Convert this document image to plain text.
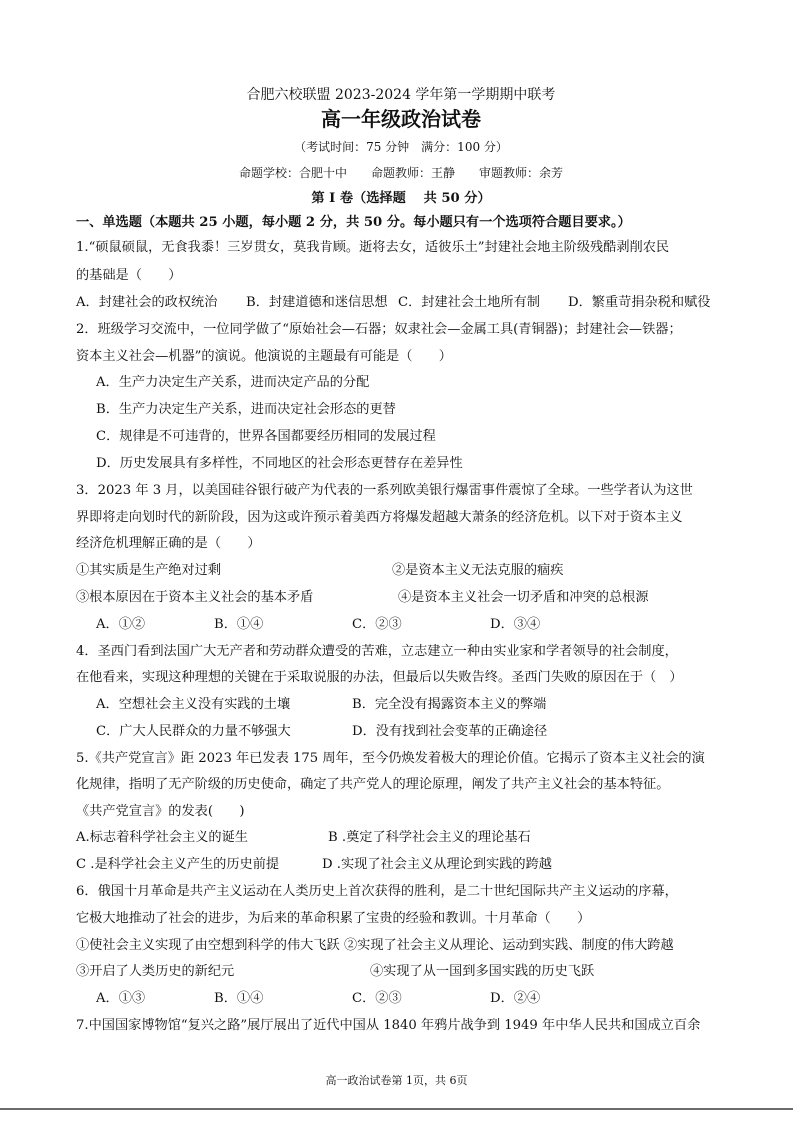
合肥六校联盟 2023-2024 学年第一学期期中联考
高一年级政治试卷
（考试时间：75 分钟　满分：100 分）
命题学校：合肥十中　　命题教师：王静　　审题教师：余芳
第 I 卷（选择题　 共 50 分）
一、单选题（本题共 25 小题，每小题 2 分，共 50 分。每小题只有一个选项符合题目要求。）
1.“硕鼠硕鼠，无食我黍！三岁贯女，莫我肯顾。逝将去女，适彼乐土”封建社会地主阶级残酷剥削农民
的基础是（　　）
A．封建社会的政权统治 B．封建道德和迷信思想 C．封建社会土地所有制 D．繁重苛捐杂税和赋役
2．班级学习交流中，一位同学做了“原始社会—石器；奴隶社会—金属工具(青铜器)；封建社会—铁器；
资本主义社会—机器”的演说。他演说的主题最有可能是（　　）
A．生产力决定生产关系，进而决定产品的分配
B．生产力决定生产关系，进而决定社会形态的更替
C．规律是不可违背的，世界各国都要经历相同的发展过程
D．历史发展具有多样性，不同地区的社会形态更替存在差异性
3．2023 年 3 月，以美国硅谷银行破产为代表的一系列欧美银行爆雷事件震惊了全球。一些学者认为这世
界即将走向划时代的新阶段，因为这或许预示着美西方将爆发超越大萧条的经济危机。以下对于资本主义
经济危机理解正确的是（　　）
①其实质是生产绝对过剩	②是资本主义无法克服的痼疾
③根本原因在于资本主义社会的基本矛盾	④是资本主义社会一切矛盾和冲突的总根源
A．①②	B．①④	C．②③	D．③④
4．圣西门看到法国广大无产者和劳动群众遭受的苦难，立志建立一种由实业家和学者领导的社会制度，
在他看来，实现这种理想的关键在于采取说服的办法，但最后以失败告终。圣西门失败的原因在于（　）
A．空想社会主义没有实践的土壤	B．完全没有揭露资本主义的弊端
C．广大人民群众的力量不够强大	D．没有找到社会变革的正确途径
5.《共产党宣言》距 2023 年已发表 175 周年，至今仍焕发着极大的理论价值。它揭示了资本主义社会的演
化规律，指明了无产阶级的历史使命，确定了共产党人的理论原理，阐发了共产主义社会的基本特征。
《共产党宣言》的发表(　　)
A.标志着科学社会主义的诞生	B .奠定了科学社会主义的理论基石
C .是科学社会主义产生的历史前提	D .实现了社会主义从理论到实践的跨越
6．俄国十月革命是共产主义运动在人类历史上首次获得的胜利，是二十世纪国际共产主义运动的序幕，
它极大地推动了社会的进步，为后来的革命积累了宝贵的经验和教训。十月革命（　　）
①使社会主义实现了由空想到科学的伟大飞跃 ②实现了社会主义从理论、运动到实践、制度的伟大跨越
③开启了人类历史的新纪元	④实现了从一国到多国实践的历史飞跃
A．①③	B．①④	C．②③	D．②④
7.中国国家博物馆“复兴之路”展厅展出了近代中国从 1840 年鸦片战争到 1949 年中华人民共和国成立百余
高一政治试卷第 1页，共 6页
